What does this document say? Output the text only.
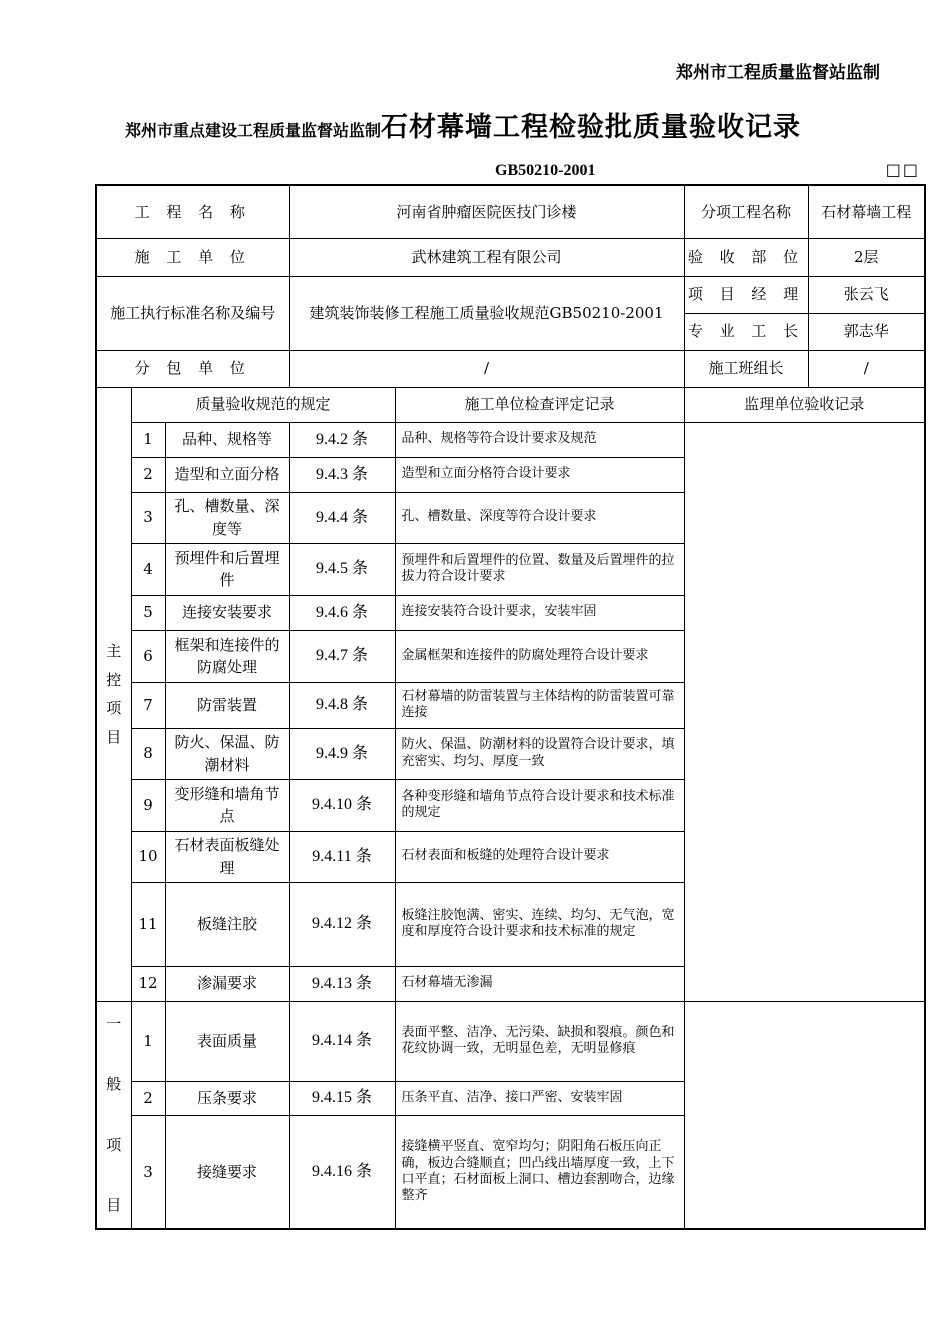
郑州市工程质量监督站监制
郑州市重点建设工程质量监督站监制石材幕墙工程检验批质量验收记录
GB50210-2001	□□
工 程 名 称			河南省肿瘤医院医技门诊楼		分项工程名称	石材幕墙工程
施 工 单 位			武林建筑工程有限公司		验 收 部 位	2层
施工执行标准名称及编号			建筑装饰装修工程施工质量验收规范GB50210-2001		项 目 经 理	张云飞
					专 业 工 长	郭志华
分 包 单 位			/		施工班组长	/

主
控
项
目	质量验收规范的规定			施工单位检查评定记录	监理单位验收记录	
	1	品种、规格等	9.4.2 条	品种、规格等符合设计要求及规范		
	2	造型和立面分格	9.4.3 条	造型和立面分格符合设计要求		
	3	孔、槽数量、深度等	9.4.4 条	孔、槽数量、深度等符合设计要求		
	4	预埋件和后置埋件	9.4.5 条	预埋件和后置埋件的位置、数量及后置埋件的拉拔力符合设计要求		
	5	连接安装要求	9.4.6 条	连接安装符合设计要求，安装牢固		
	6	框架和连接件的防腐处理	9.4.7 条	金属框架和连接件的防腐处理符合设计要求		
	7	防雷装置	9.4.8 条	石材幕墙的防雷装置与主体结构的防雷装置可靠连接		
	8	防火、保温、防潮材料	9.4.9 条	防火、保温、防潮材料的设置符合设计要求，填充密实、均匀、厚度一致		
	9	变形缝和墙角节点	9.4.10 条	各种变形缝和墙角节点符合设计要求和技术标准的规定		
	10	石材表面板缝处理	9.4.11 条	石材表面和板缝的处理符合设计要求		
	11	板缝注胶	9.4.12 条	板缝注胶饱满、密实、连续、均匀、无气泡，宽度和厚度符合设计要求和技术标准的规定		
	12	渗漏要求	9.4.13 条	石材幕墙无渗漏		

一
般
项
目	1	表面质量	9.4.14 条	表面平整、洁净、无污染、缺损和裂痕。颜色和花纹协调一致，无明显色差，无明显修痕		
	2	压条要求	9.4.15 条	压条平直、洁净、接口严密、安装牢固		
	3	接缝要求	9.4.16 条	接缝横平竖直、宽窄均匀；阴阳角石板压向正确，板边合缝顺直；凹凸线出墙厚度一致，上下口平直；石材面板上洞口、槽边套割吻合，边缘整齐		
